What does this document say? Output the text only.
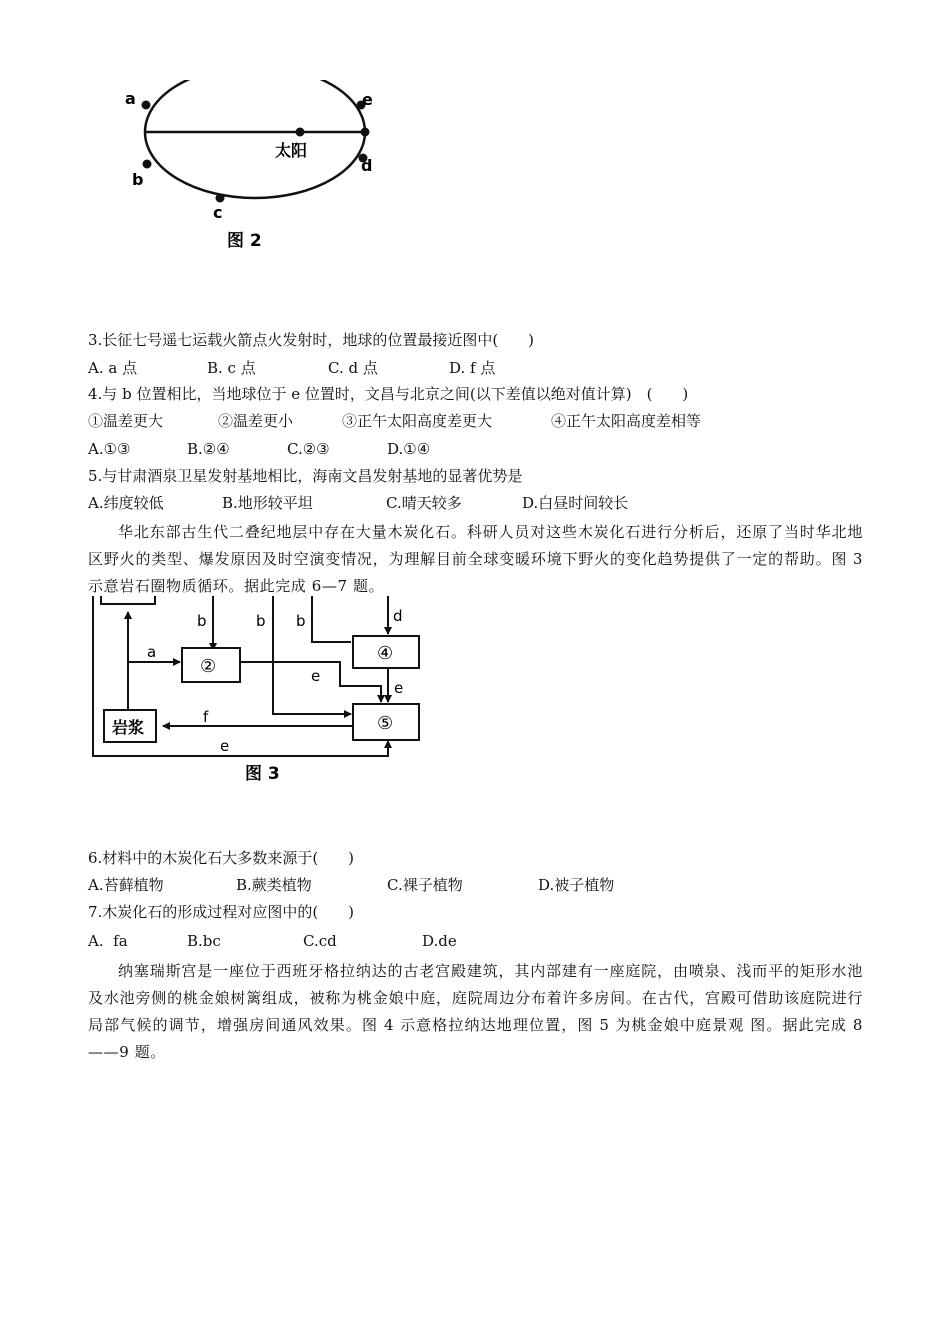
a
b
c
d
e
太阳
图 2
3.长征七号遥七运载火箭点火发射时，地球的位置最接近图中(　　)
A. a 点	B. c 点	C. d 点	D. f 点
4.与 b 位置相比，当地球位于 e 位置时，文昌与北京之间(以下差值以绝对值计算)　(　　)
①温差更大	②温差更小	③正午太阳高度差更大	④正午太阳高度差相等
A.①③	B.②④	C.②③	D.①④
5.与甘肃酒泉卫星发射基地相比，海南文昌发射基地的显著优势是
A.纬度较低	B.地形较平坦	C.晴天较多	D.白昼时间较长

华北东部古生代二叠纪地层中存在大量木炭化石。科研人员对这些木炭化石进行分析后，还原了当时华北地区野火的类型、爆发原因及时空演变情况，为理解目前全球变暖环境下野火的变化趋势提供了一定的帮助。图 3 示意岩石圈物质循环。据此完成 6—7 题。

②
④
⑤
岩浆
a
b	b b	d
e
e
f
e
图 3
6.材料中的木炭化石大多数来源于(　　)
A.苔藓植物	B.蕨类植物	C.裸子植物	D.被子植物
7.木炭化石的形成过程对应图中的(　　)
A.  fa	B.bc	C.cd	D.de

纳塞瑞斯宫是一座位于西班牙格拉纳达的古老宫殿建筑，其内部建有一座庭院，由喷泉、浅而平的矩形水池及水池旁侧的桃金娘树篱组成，被称为桃金娘中庭，庭院周边分布着许多房间。在古代，宫殿可借助该庭院进行局部气候的调节，增强房间通风效果。图 4 示意格拉纳达地理位置，图 5 为桃金娘中庭景观 图。据此完成 8——9 题。
